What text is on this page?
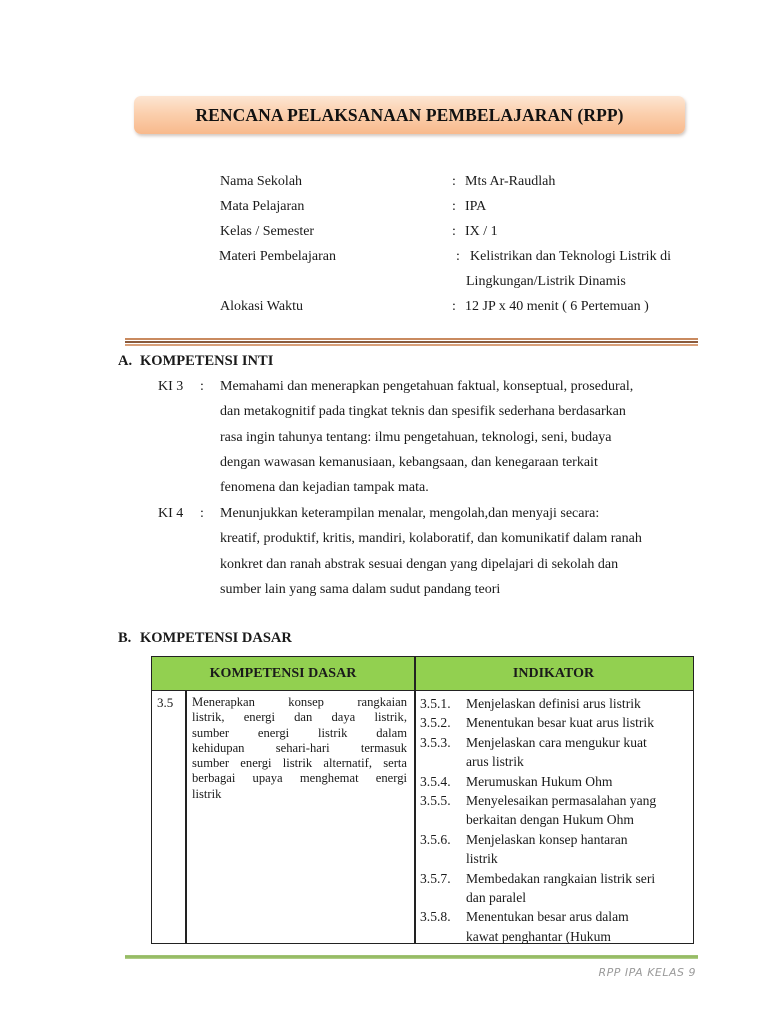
RENCANA PELAKSANAAN PEMBELAJARAN (RPP)
Nama Sekolah	: Mts Ar-Raudlah
Mata Pelajaran	: IPA
Kelas / Semester	: IX / 1
Materi Pembelajaran	: Kelistrikan dan Teknologi Listrik di
Lingkungan/Listrik Dinamis
Alokasi Waktu	: 12 JP x 40 menit ( 6 Pertemuan )
A. KOMPETENSI INTI
KI 3 : Memahami dan menerapkan pengetahuan faktual, konseptual, prosedural,
dan metakognitif pada tingkat teknis dan spesifik sederhana berdasarkan
rasa ingin tahunya tentang: ilmu pengetahuan, teknologi, seni, budaya
dengan wawasan kemanusiaan, kebangsaan, dan kenegaraan terkait
fenomena dan kejadian tampak mata.
KI 4 : Menunjukkan keterampilan menalar, mengolah,dan menyaji secara:
kreatif, produktif, kritis, mandiri, kolaboratif, dan komunikatif dalam ranah
konkret dan ranah abstrak sesuai dengan yang dipelajari di sekolah dan
sumber lain yang sama dalam sudut pandang teori
B. KOMPETENSI DASAR
KOMPETENSI DASAR	INDIKATOR
3.5 Menerapkan konsep rangkaian
listrik, energi dan daya listrik,
sumber energi listrik dalam
kehidupan sehari-hari termasuk
sumber energi listrik alternatif, serta
berbagai upaya menghemat energi
listrik
3.5.1. Menjelaskan definisi arus listrik
3.5.2. Menentukan besar kuat arus listrik
3.5.3. Menjelaskan cara mengukur kuat
arus listrik
3.5.4. Merumuskan Hukum Ohm
3.5.5. Menyelesaikan permasalahan yang
berkaitan dengan Hukum Ohm
3.5.6. Menjelaskan konsep hantaran
listrik
3.5.7. Membedakan rangkaian listrik seri
dan paralel
3.5.8. Menentukan besar arus dalam
kawat penghantar (Hukum
RPP IPA KELAS 9
